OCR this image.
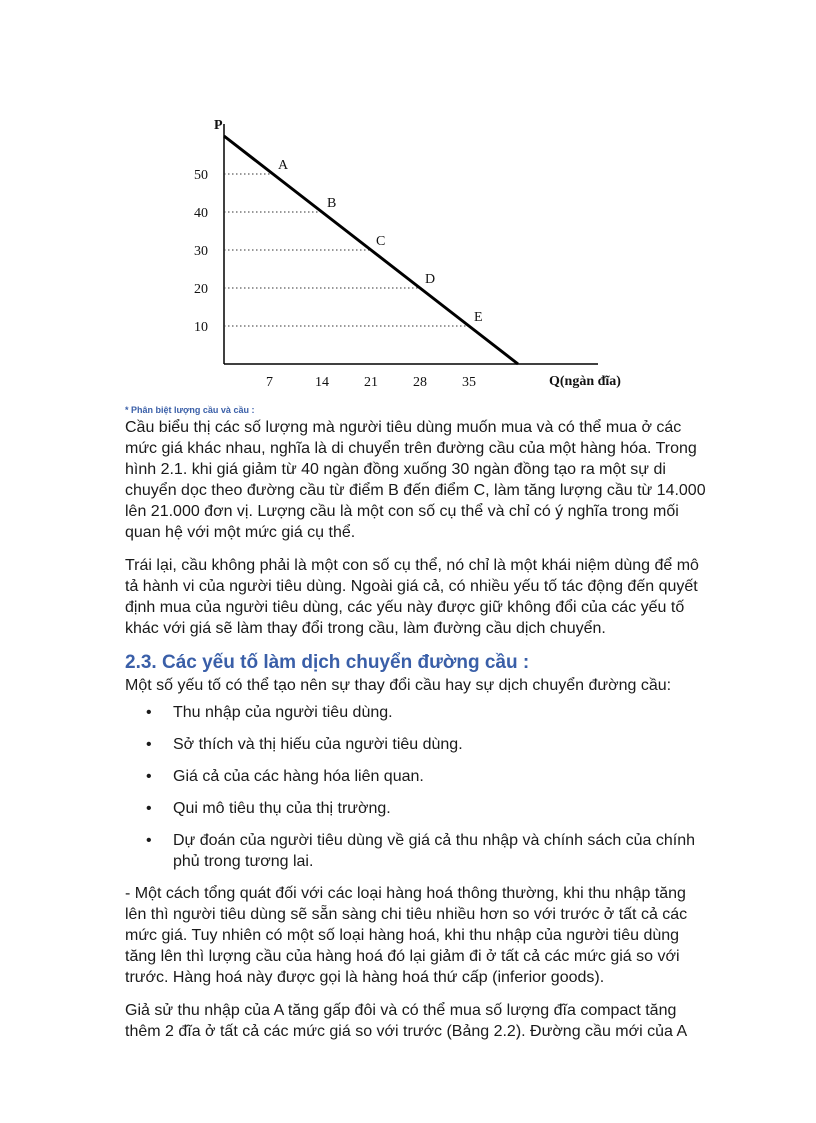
P
Q(ngàn đĩa)
10
20
30
40
50
7	14	21	28	35
A
B
C
D
E

* Phân biệt lượng cầu và cầu :

Cầu biểu thị các số lượng mà người tiêu dùng muốn mua và có thể mua ở các mức giá khác nhau, nghĩa là di chuyển trên đường cầu của một hàng hóa. Trong hình 2.1. khi giá giảm từ 40 ngàn đồng xuống 30 ngàn đồng tạo ra một sự di chuyển dọc theo đường cầu từ điểm B đến điểm C, làm tăng lượng cầu từ 14.000 lên 21.000 đơn vị. Lượng cầu là một con số cụ thể và chỉ có ý nghĩa trong mối quan hệ với một mức giá cụ thể.

Trái lại, cầu không phải là một con số cụ thể, nó chỉ là một khái niệm dùng để mô tả hành vi của người tiêu dùng. Ngoài giá cả, có nhiều yếu tố tác động đến quyết định mua của người tiêu dùng, các yếu này được giữ không đổi của các yếu tố khác với giá sẽ làm thay đổi trong cầu, làm đường cầu dịch chuyển.

2.3. Các yếu tố làm dịch chuyển đường cầu :

Một số yếu tố có thể tạo nên sự thay đổi cầu hay sự dịch chuyển đường cầu:

• Thu nhập của người tiêu dùng.
• Sở thích và thị hiếu của người tiêu dùng.
• Giá cả của các hàng hóa liên quan.
• Qui mô tiêu thụ của thị trường.
• Dự đoán của người tiêu dùng về giá cả thu nhập và chính sách của chính phủ trong tương lai.

- Một cách tổng quát đối với các loại hàng hoá thông thường, khi thu nhập tăng lên thì người tiêu dùng sẽ sẵn sàng chi tiêu nhiều hơn so với trước ở tất cả các mức giá. Tuy nhiên có một số loại hàng hoá, khi thu nhập của người tiêu dùng tăng lên thì lượng cầu của hàng hoá đó lại giảm đi ở tất cả các mức giá so với trước. Hàng hoá này được gọi là hàng hoá thứ cấp (inferior goods).

Giả sử thu nhập của A tăng gấp đôi và có thể mua số lượng đĩa compact tăng thêm 2 đĩa ở tất cả các mức giá so với trước (Bảng 2.2). Đường cầu mới của A
